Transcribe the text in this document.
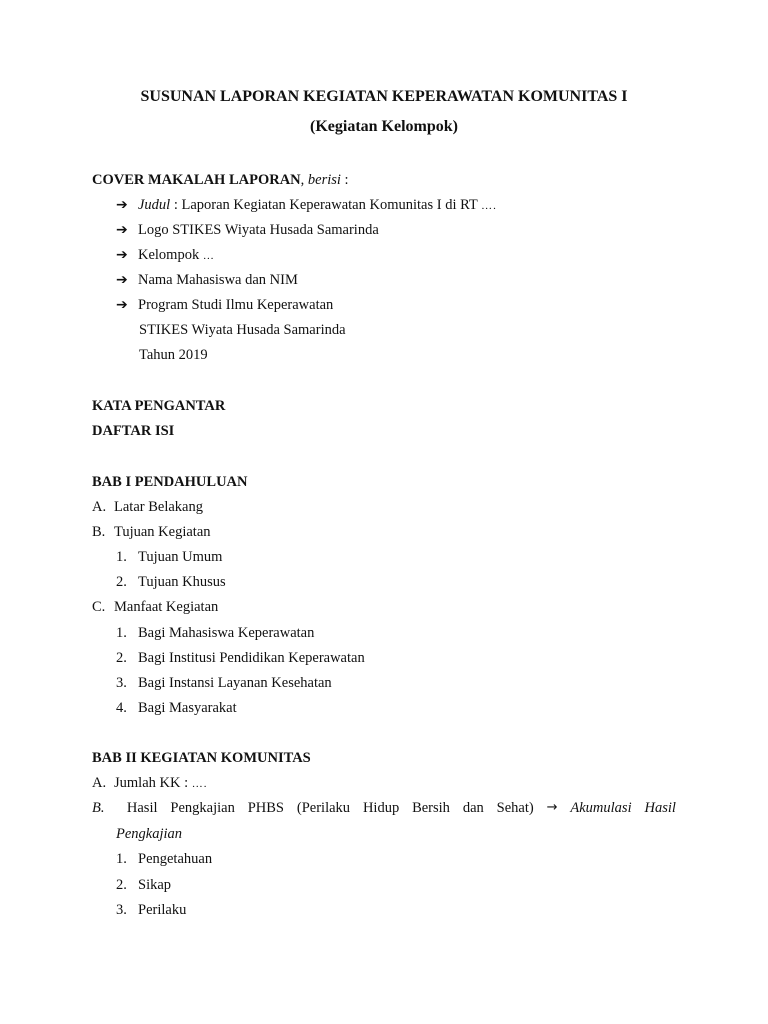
SUSUNAN LAPORAN KEGIATAN KEPERAWATAN KOMUNITAS I
(Kegiatan Kelompok)
COVER MAKALAH LAPORAN, berisi :
➔ Judul : Laporan Kegiatan Keperawatan Komunitas I di RT ….
➔ Logo STIKES Wiyata Husada Samarinda
➔ Kelompok …
➔ Nama Mahasiswa dan NIM
➔ Program Studi Ilmu Keperawatan
STIKES Wiyata Husada Samarinda
Tahun 2019
KATA PENGANTAR
DAFTAR ISI
BAB I PENDAHULUAN
A. Latar Belakang
B. Tujuan Kegiatan
1. Tujuan Umum
2. Tujuan Khusus
C. Manfaat Kegiatan
1. Bagi Mahasiswa Keperawatan
2. Bagi Institusi Pendidikan Keperawatan
3. Bagi Instansi Layanan Kesehatan
4. Bagi Masyarakat
BAB II KEGIATAN KOMUNITAS
A. Jumlah KK : ….
B.	Hasil Pengkajian PHBS (Perilaku Hidup Bersih dan Sehat) → Akumulasi Hasil
Pengkajian
1. Pengetahuan
2. Sikap
3. Perilaku
